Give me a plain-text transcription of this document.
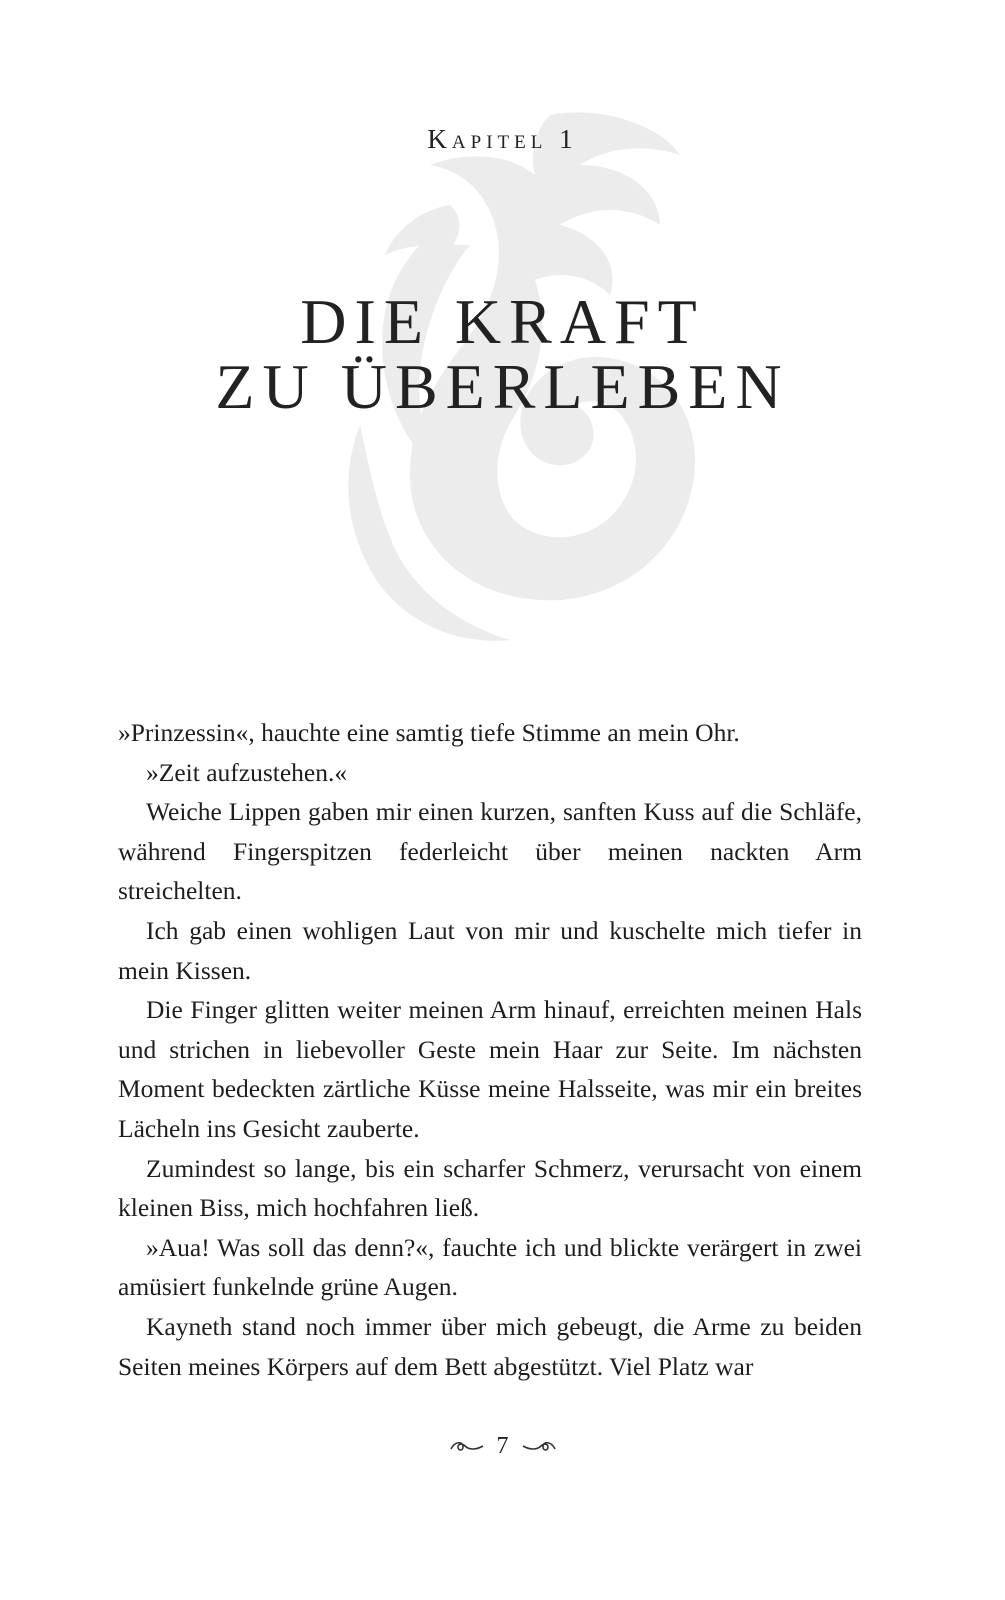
Kapitel 1
DIE KRAFT
ZU ÜBERLEBEN

»Prinzessin«, hauchte eine samtig tiefe Stimme an mein Ohr.

»Zeit aufzustehen.«

Weiche Lippen gaben mir einen kurzen, sanften Kuss auf die Schläfe, während Fingerspitzen federleicht über meinen nackten Arm streichelten.

Ich gab einen wohligen Laut von mir und kuschelte mich tiefer in mein Kissen.

Die Finger glitten weiter meinen Arm hinauf, erreichten meinen Hals und strichen in liebevoller Geste mein Haar zur Seite. Im nächsten Moment bedeckten zärtliche Küsse meine Halsseite, was mir ein breites Lächeln ins Gesicht zauberte.

Zumindest so lange, bis ein scharfer Schmerz, verursacht von einem kleinen Biss, mich hochfahren ließ.

»Aua! Was soll das denn?«, fauchte ich und blickte verärgert in zwei amüsiert funkelnde grüne Augen.

Kayneth stand noch immer über mich gebeugt, die Arme zu beiden Seiten meines Körpers auf dem Bett abgestützt. Viel Platz war

7
